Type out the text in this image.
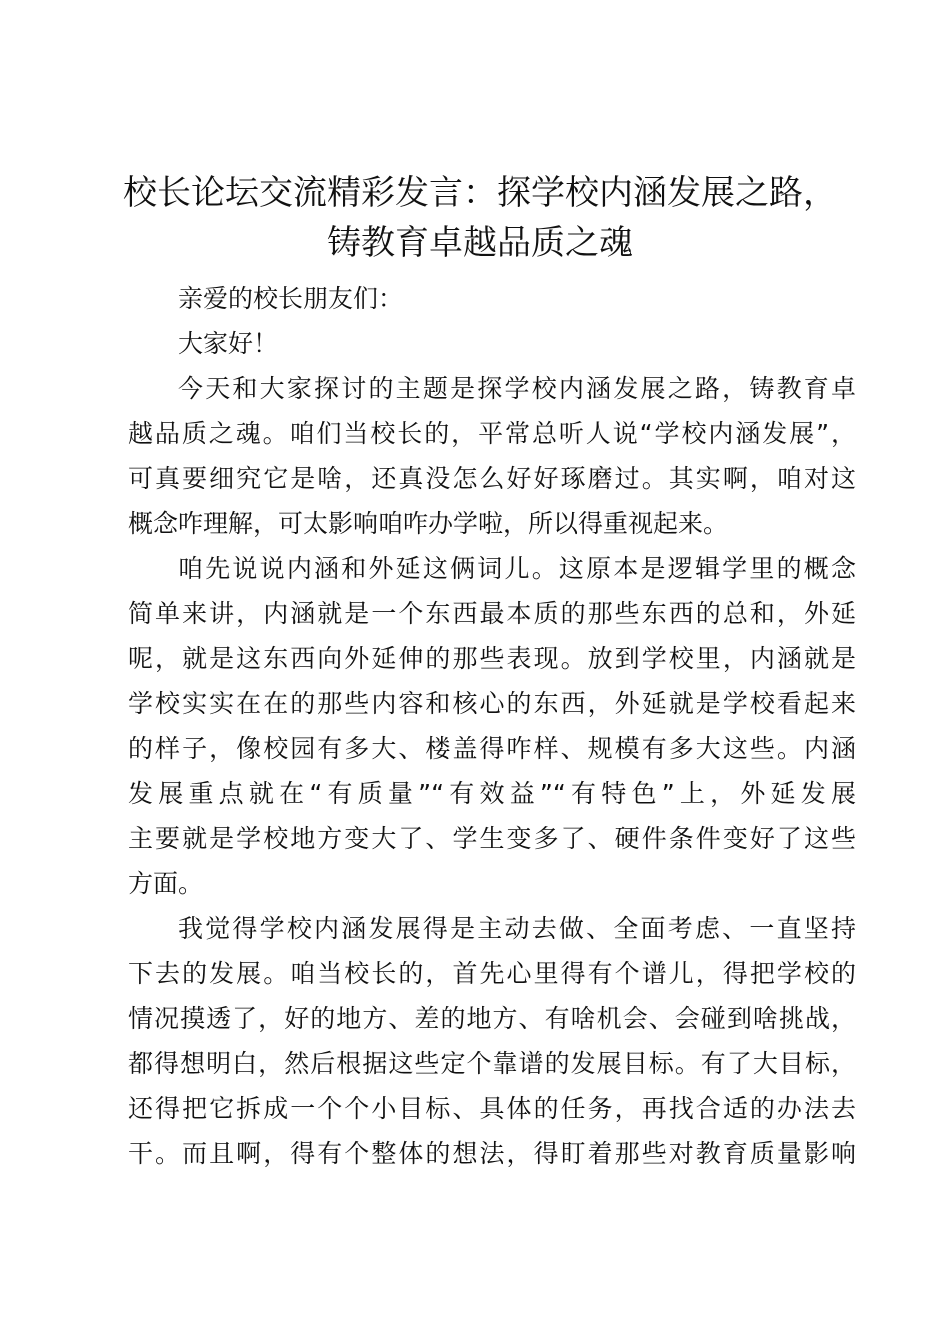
校长论坛交流精彩发言：探学校内涵发展之路，
铸教育卓越品质之魂

亲爱的校长朋友们：

大家好！

今天和大家探讨的主题是探学校内涵发展之路，铸教育卓
越品质之魂。咱们当校长的，平常总听人说“学校内涵发展”，
可真要细究它是啥，还真没怎么好好琢磨过。其实啊，咱对这
概念咋理解，可太影响咱咋办学啦，所以得重视起来。

咱先说说内涵和外延这俩词儿。这原本是逻辑学里的概念
简单来讲，内涵就是一个东西最本质的那些东西的总和，外延
呢，就是这东西向外延伸的那些表现。放到学校里，内涵就是
学校实实在在的那些内容和核心的东西，外延就是学校看起来
的样子，像校园有多大、楼盖得咋样、规模有多大这些。内涵
发展重点就在“有质量”“有效益”“有特色”上，外延发展
主要就是学校地方变大了、学生变多了、硬件条件变好了这些
方面。

我觉得学校内涵发展得是主动去做、全面考虑、一直坚持
下去的发展。咱当校长的，首先心里得有个谱儿，得把学校的
情况摸透了，好的地方、差的地方、有啥机会、会碰到啥挑战，
都得想明白，然后根据这些定个靠谱的发展目标。有了大目标，
还得把它拆成一个个小目标、具体的任务，再找合适的办法去
干。而且啊，得有个整体的想法，得盯着那些对教育质量影响
